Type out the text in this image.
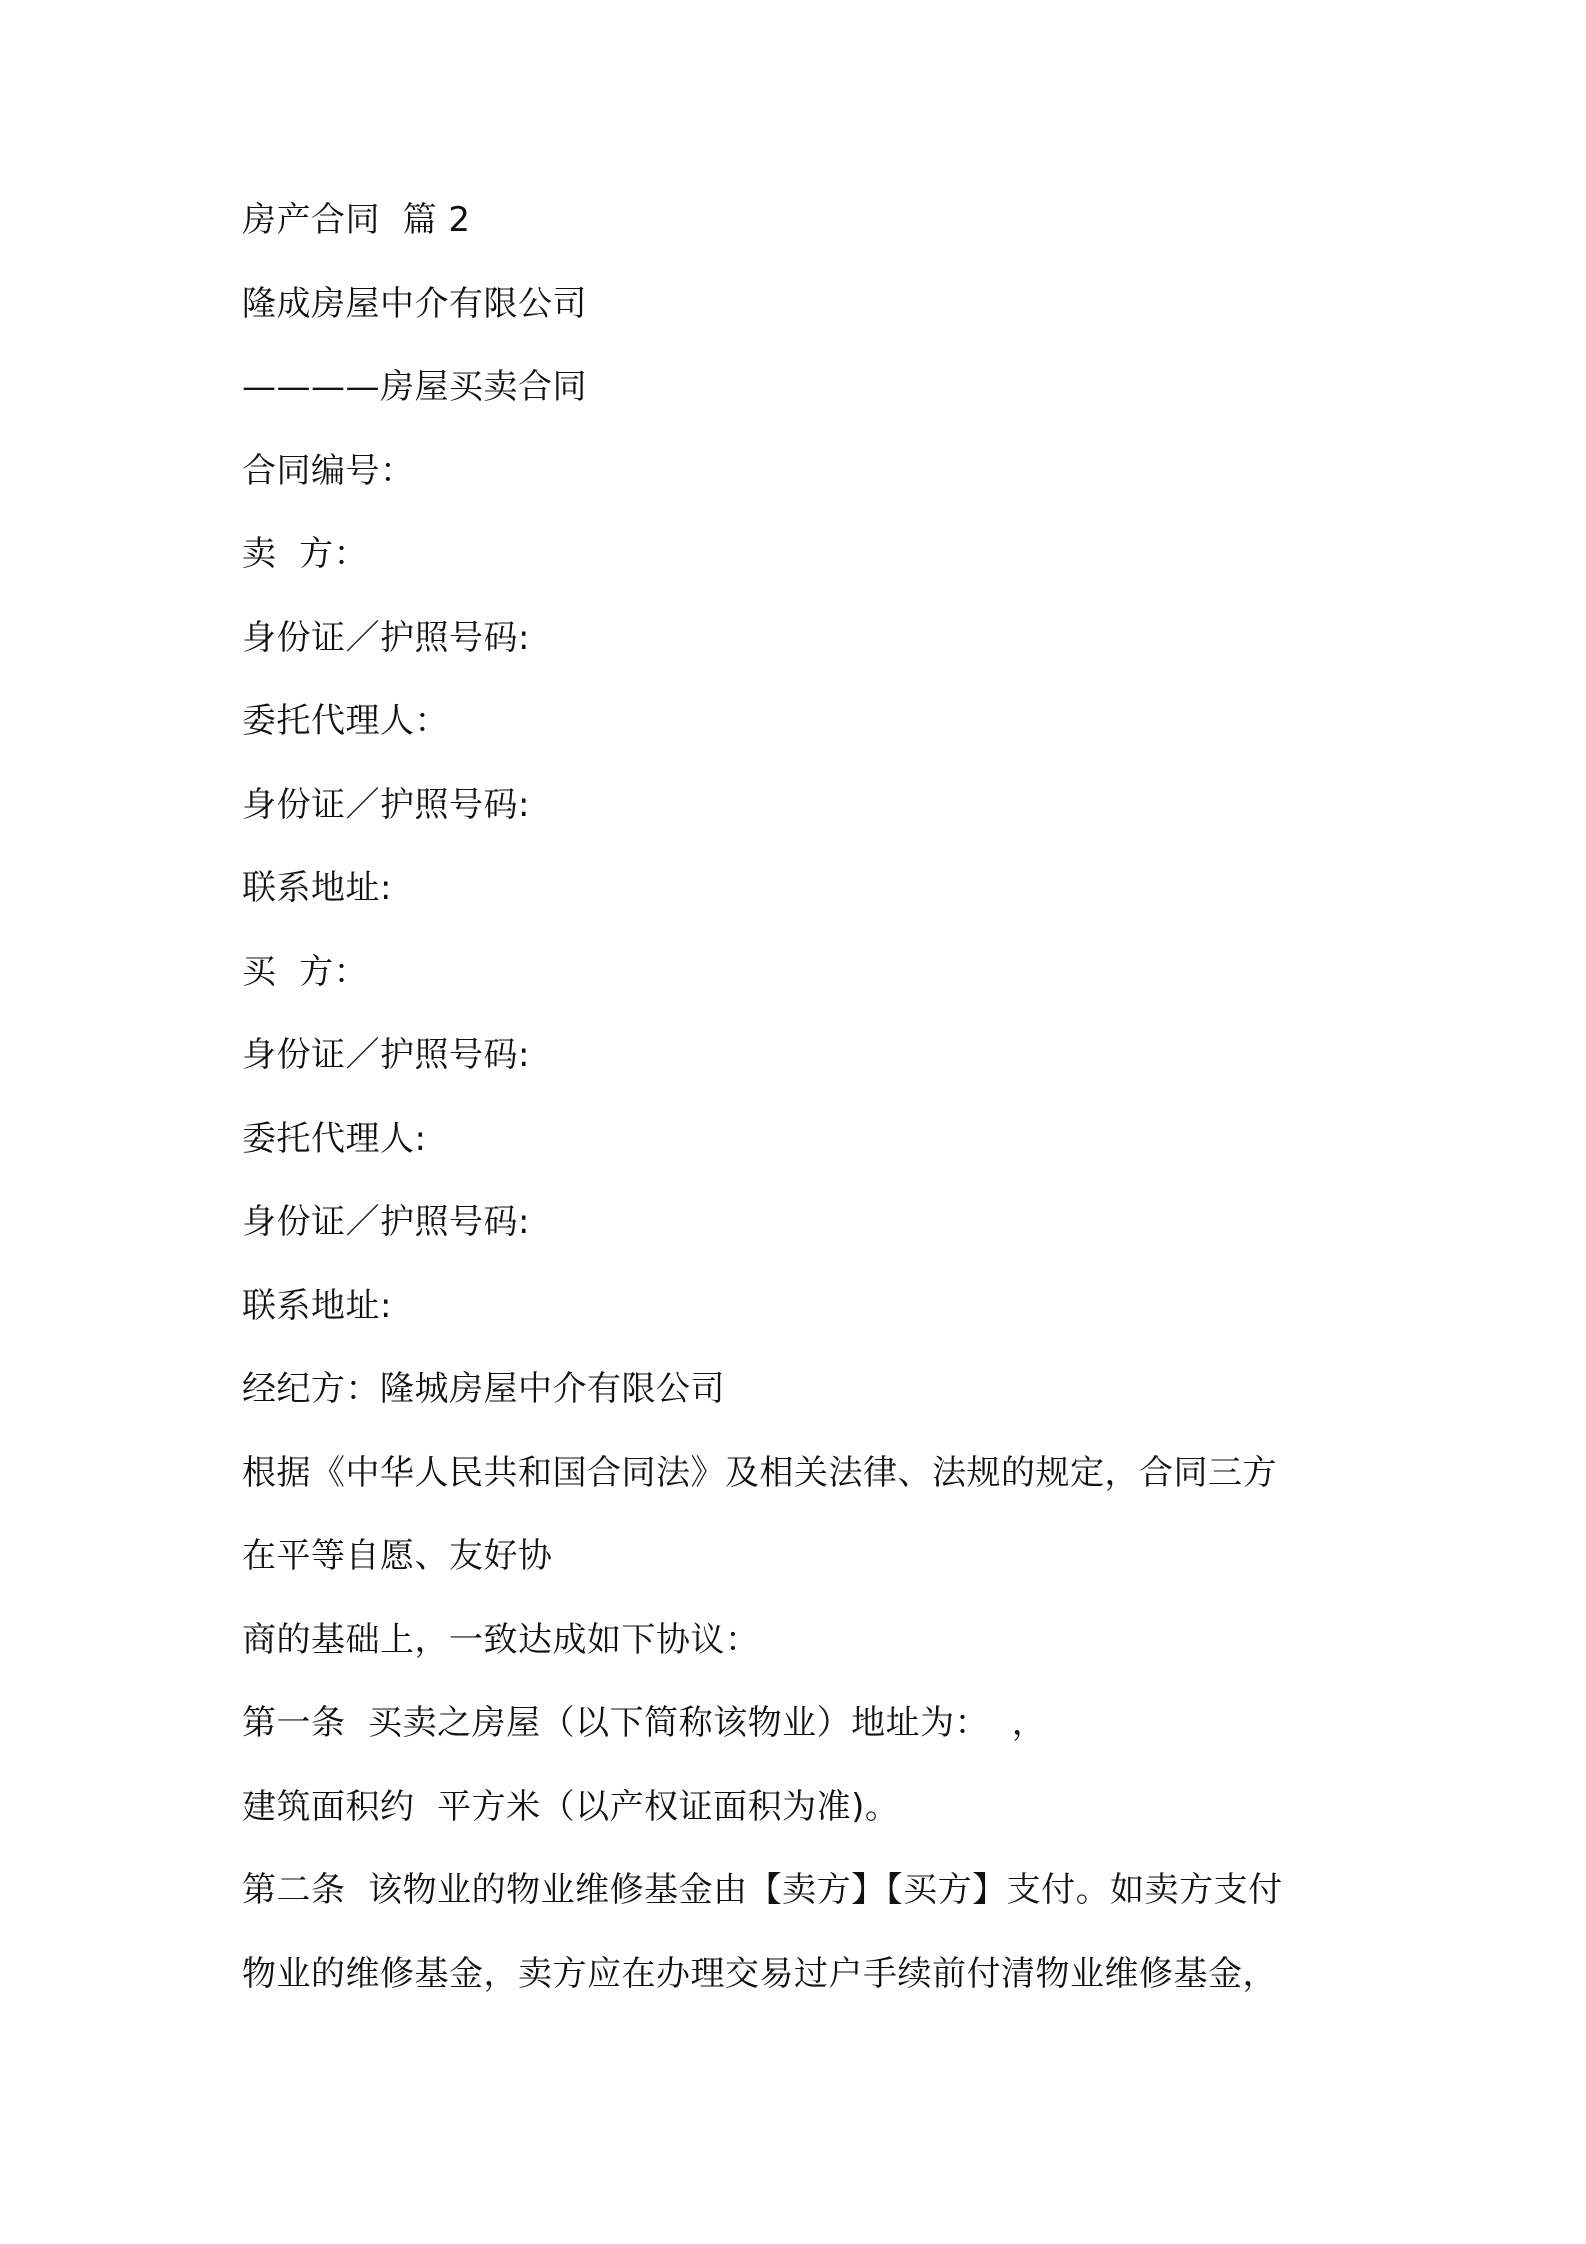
房产合同  篇 2
隆成房屋中介有限公司
————房屋买卖合同
合同编号：
卖  方：
身份证／护照号码:
委托代理人：
身份证／护照号码:
联系地址:
买  方：
身份证／护照号码:
委托代理人:
身份证／护照号码:
联系地址:
经纪方：隆城房屋中介有限公司
根据《中华人民共和国合同法》及相关法律、法规的规定，合同三方
在平等自愿、友好协
商的基础上，一致达成如下协议：
第一条  买卖之房屋（以下简称该物业）地址为：  ，
建筑面积约  平方米（以产权证面积为准)。
第二条  该物业的物业维修基金由【卖方】【买方】支付。如卖方支付
物业的维修基金，卖方应在办理交易过户手续前付清物业维修基金，
